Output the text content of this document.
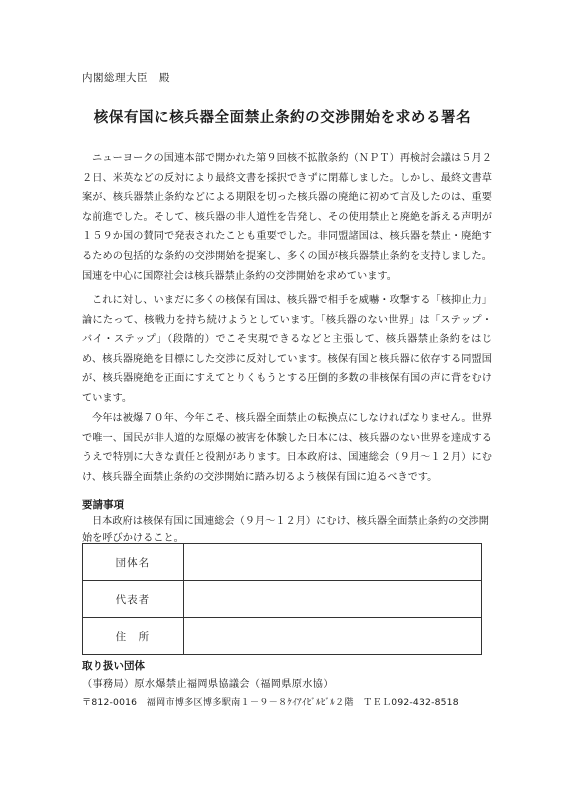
内閣総理大臣　殿
核保有国に核兵器全面禁止条約の交渉開始を求める署名

ニューヨークの国連本部で開かれた第９回核不拡散条約（ＮＰＴ）再検討会議は５月２２日、米英などの反対により最終文書を採択できずに閉幕しました。しかし、最終文書草案が、核兵器禁止条約などによる期限を切った核兵器の廃絶に初めて言及したのは、重要な前進でした。そして、核兵器の非人道性を告発し、その使用禁止と廃絶を訴える声明が１５９か国の賛同で発表されたことも重要でした。非同盟諸国は、核兵器を禁止・廃絶するための包括的な条約の交渉開始を提案し、多くの国が核兵器禁止条約を支持しました。国連を中心に国際社会は核兵器禁止条約の交渉開始を求めています。

これに対し、いまだに多くの核保有国は、核兵器で相手を威嚇・攻撃する「核抑止力」論にたって、核戦力を持ち続けようとしています。「核兵器のない世界」は「ステップ・バイ・ステップ」（段階的）でこそ実現できるなどと主張して、核兵器禁止条約をはじめ、核兵器廃絶を目標にした交渉に反対しています。核保有国と核兵器に依存する同盟国が、核兵器廃絶を正面にすえてとりくもうとする圧倒的多数の非核保有国の声に背をむけています。

今年は被爆７０年、今年こそ、核兵器全面禁止の転換点にしなければなりません。世界で唯一、国民が非人道的な原爆の被害を体験した日本には、核兵器のない世界を達成するうえで特別に大きな責任と役割があります。日本政府は、国連総会（９月〜１２月）にむけ、核兵器全面禁止条約の交渉開始に踏み切るよう核保有国に迫るべきです。

要請事項

日本政府は核保有国に国連総会（９月〜１２月）にむけ、核兵器全面禁止条約の交渉開始を呼びかけること。

団体名	
代表者	
住　所	
取り扱い団体
（事務局）原水爆禁止福岡県協議会（福岡県原水協）
〒812-0016　福岡市博多区博多駅南１－９－８ｹｲｱｲﾋﾞﾙﾋﾞﾙ２階　ＴＥＬ092-432-8518
